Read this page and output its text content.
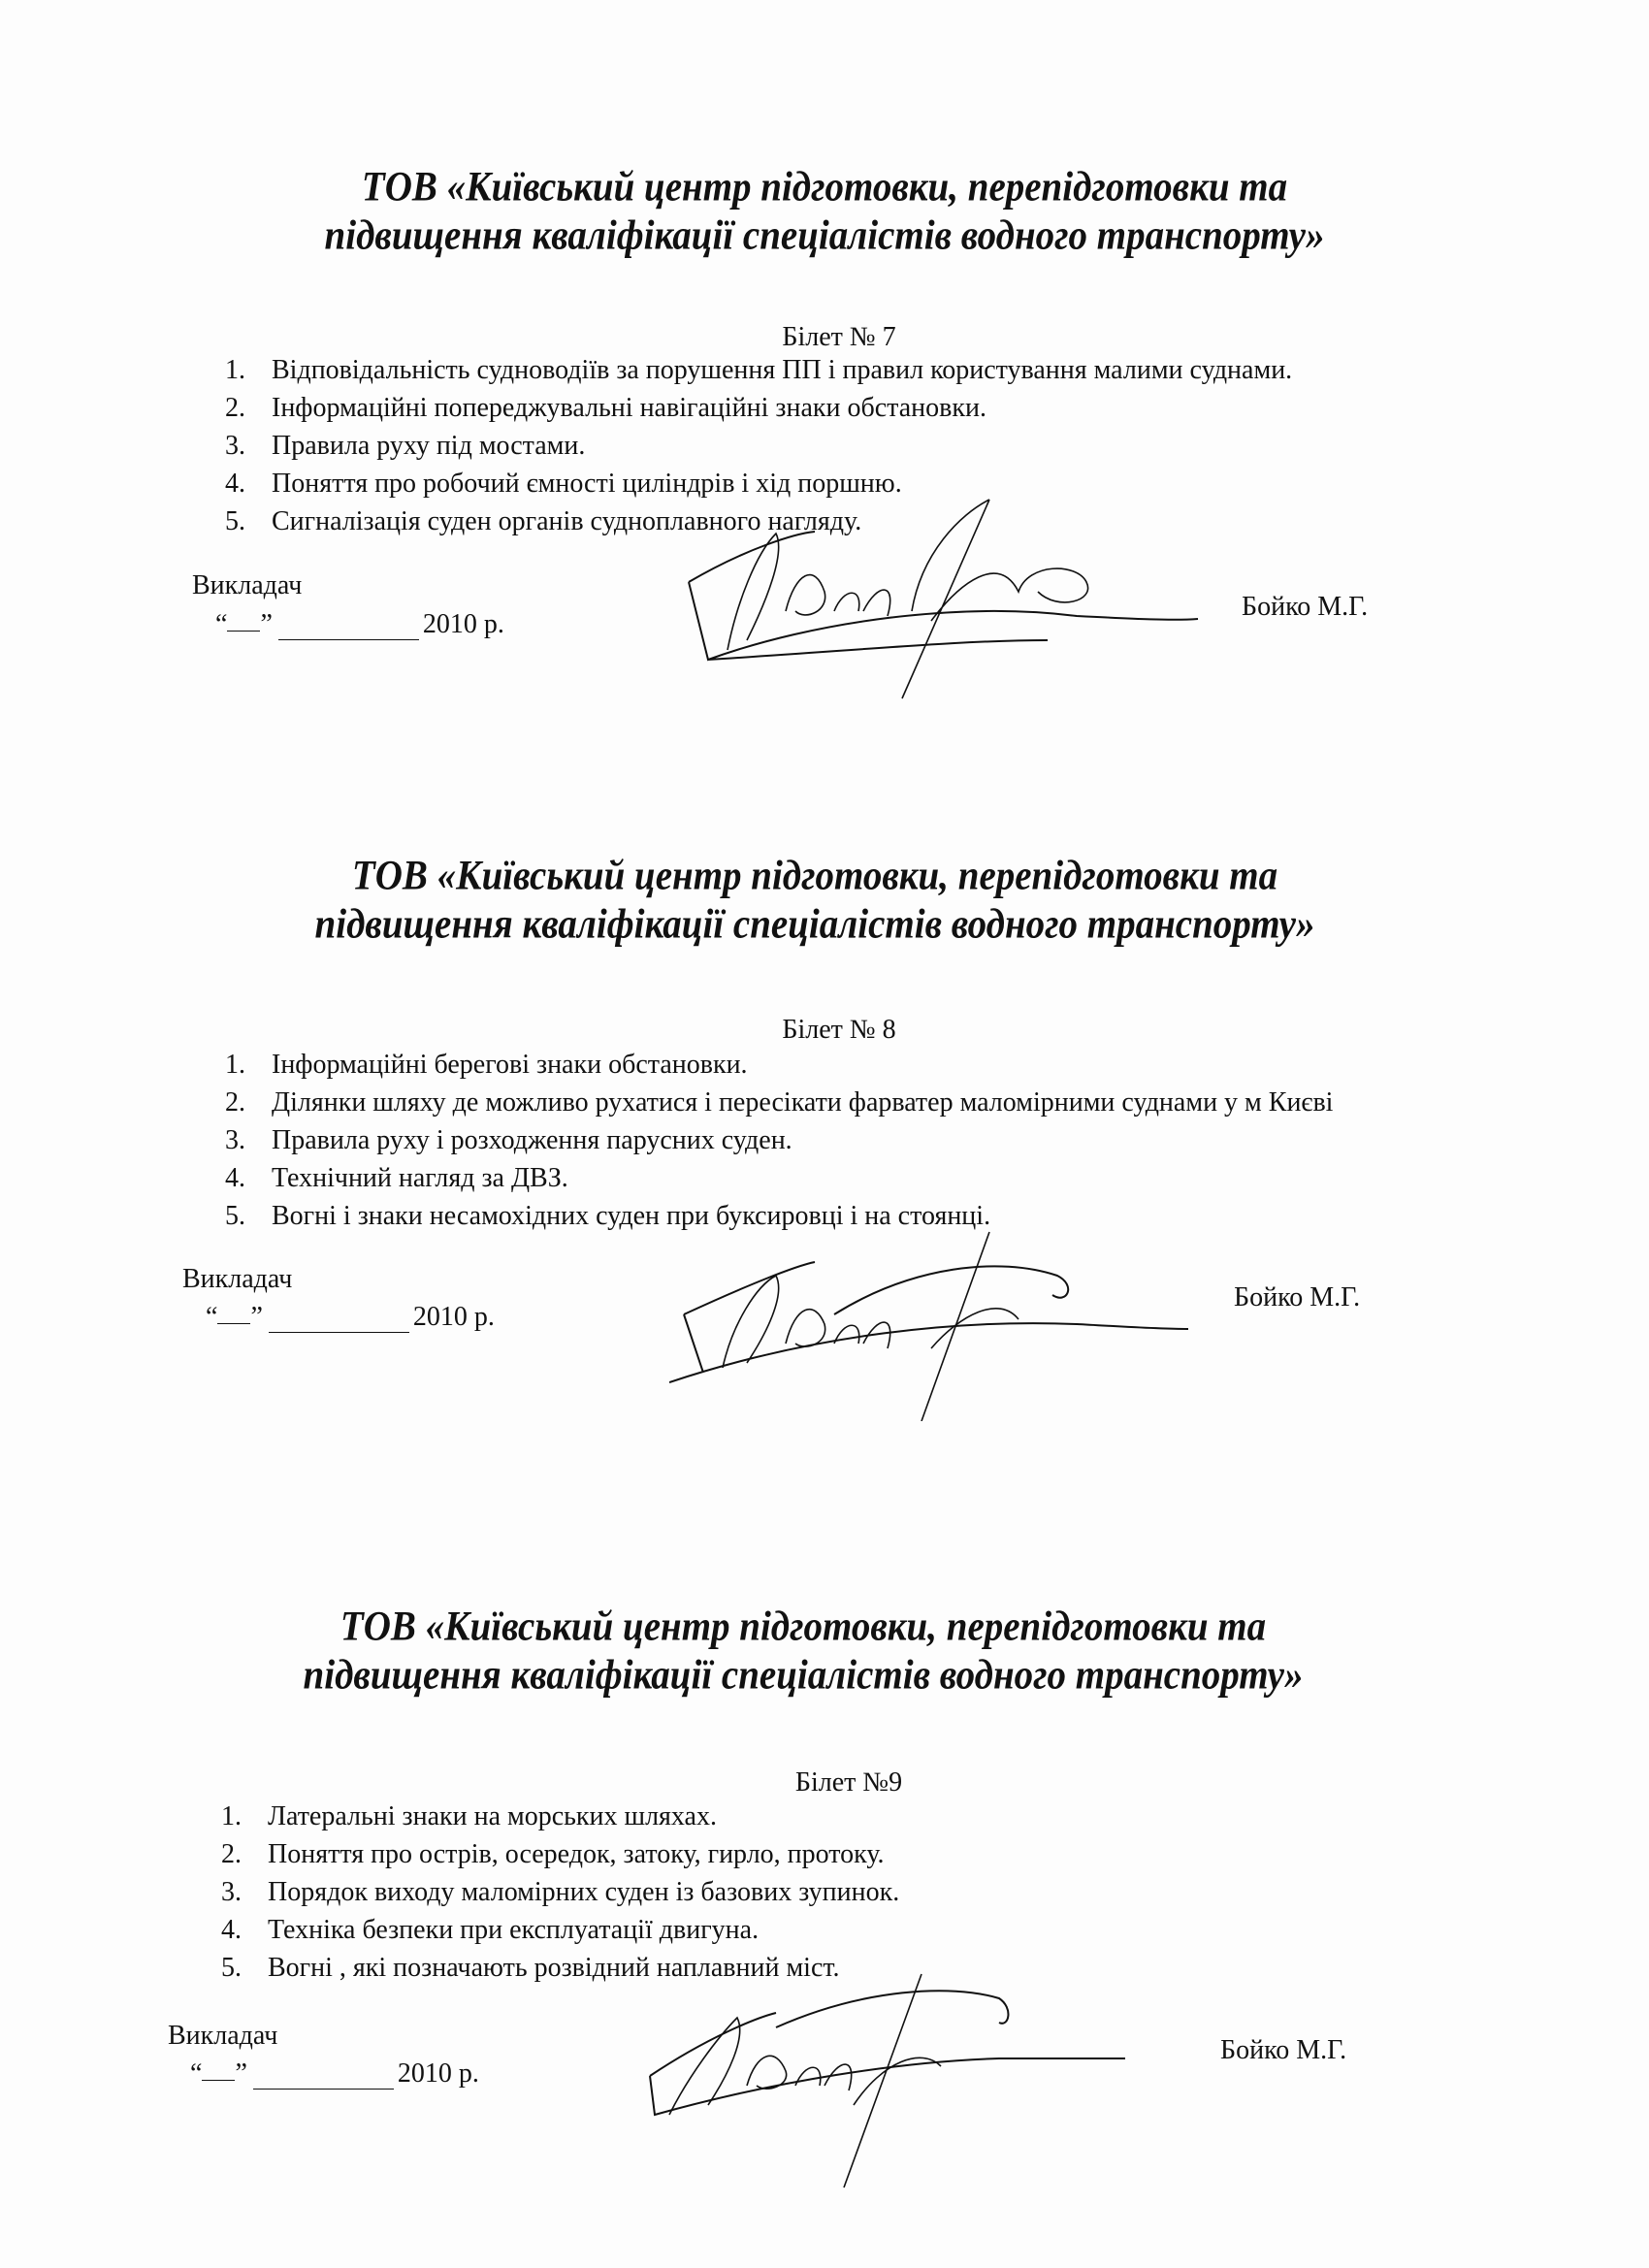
ТОВ «Київський центр підготовки, перепідготовки та
підвищення кваліфікації спеціалістів водного транспорту»
Білет № 7
1. Відповідальність судноводіїв за порушення ПП і правил користування малими суднами.
2. Інформаційні попереджувальні навігаційні знаки обстановки.
3. Правила руху під мостами.
4. Поняття про робочий ємності циліндрів і хід поршню.
5. Сигналізація суден органів судноплавного нагляду.
Викладач
“ ”	2010 р.
Бойко М.Г.
ТОВ «Київський центр підготовки, перепідготовки та
підвищення кваліфікації спеціалістів водного транспорту»
Білет № 8
1. Інформаційні берегові знаки обстановки.
2. Ділянки шляху де можливо рухатися і пересікати фарватер маломірними суднами у м Києві
3. Правила руху і розходження парусних суден.
4. Технічний нагляд за ДВЗ.
5. Вогні і знаки несамохідних суден при буксировці і на стоянці.
Викладач
“ ”	2010 р.
Бойко М.Г.
ТОВ «Київський центр підготовки, перепідготовки та
підвищення кваліфікації спеціалістів водного транспорту»
Білет №9
1. Латеральні знаки на морських шляхах.
2. Поняття про острів, осередок, затоку, гирло, протоку.
3. Порядок виходу маломірних суден із базових зупинок.
4. Техніка безпеки при експлуатації двигуна.
5. Вогні , які позначають розвідний наплавний міст.
Викладач
“ ”	2010 р.
Бойко М.Г.
